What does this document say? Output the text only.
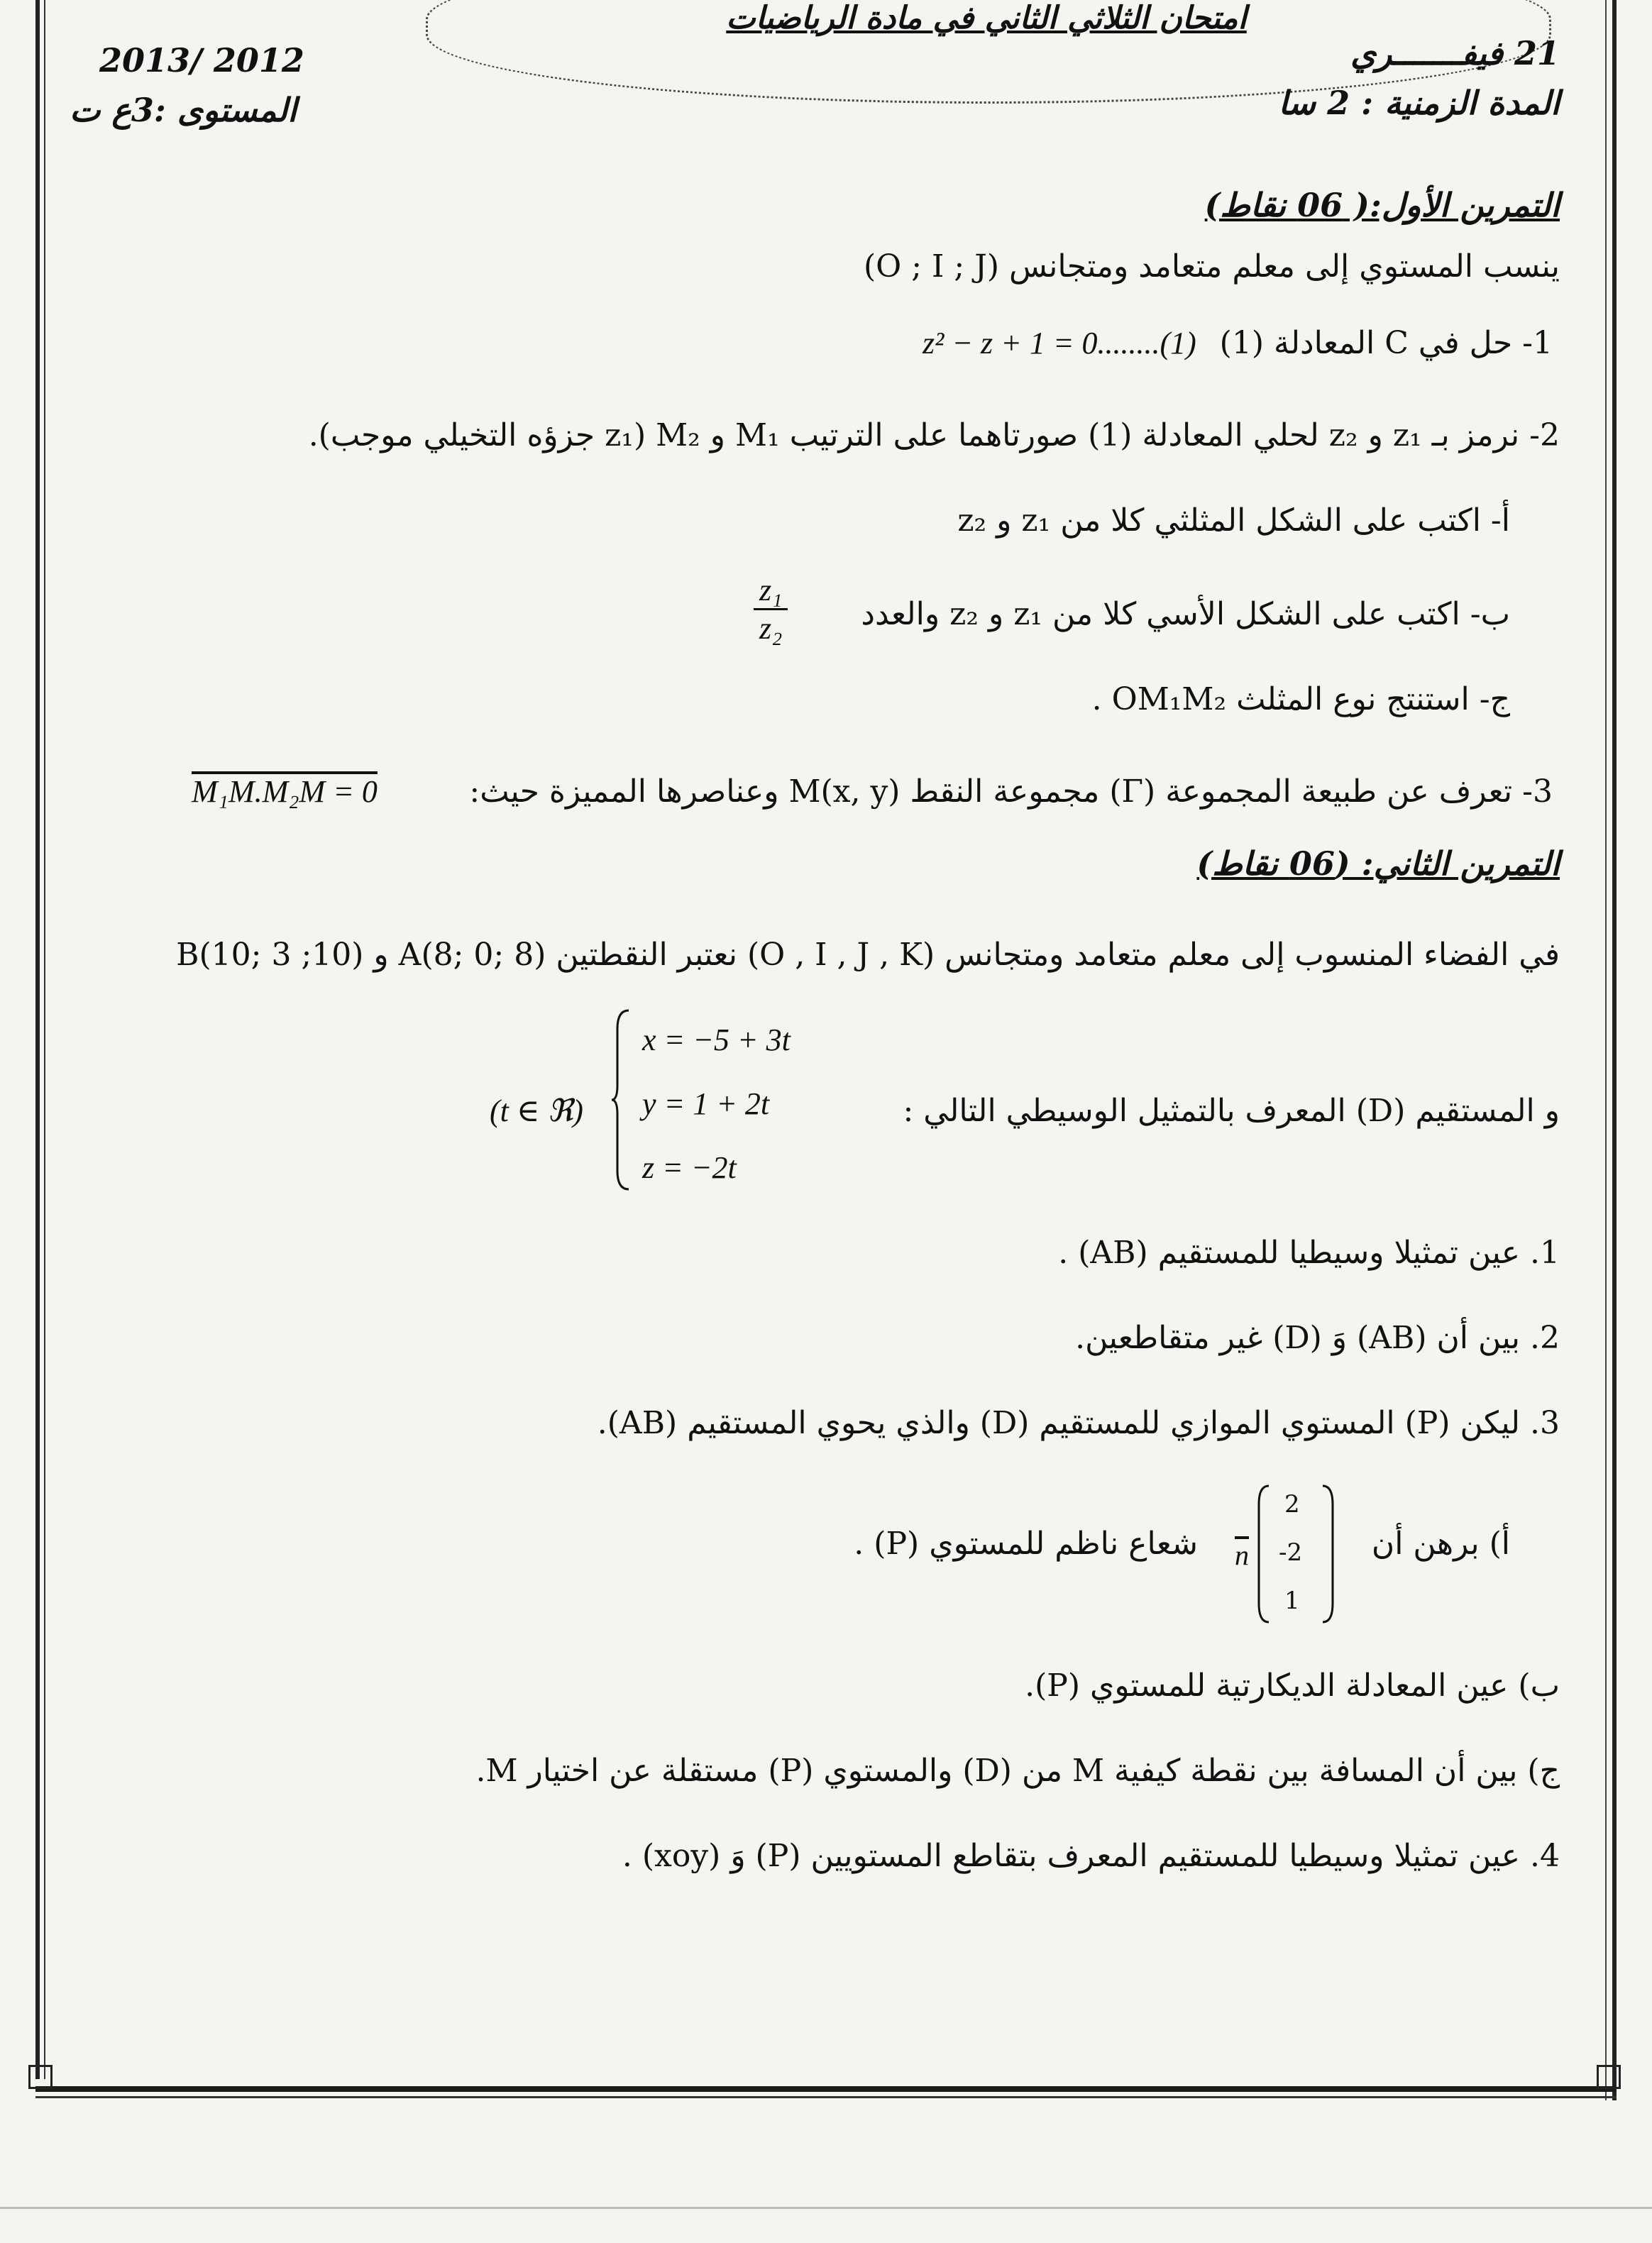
امتحان الثلاثي الثاني في مادة الرياضيات
2013/ 2012
المستوى :3ع ت
21 فيفـــــــري
المدة الزمنية : 2 سا
التمرين الأول:( 06 نقاط)
ينسب المستوي إلى معلم متعامد ومتجانس (O ; I ; J)
1- حل في C المعادلة (1)
z² − z + 1 = 0........(1)
2- نرمز بـ z₁ و z₂ لحلي المعادلة (1) صورتاهما على الترتيب M₁ و M₂ (z₁ جزؤه التخيلي موجب).
أ- اكتب على الشكل المثلثي كلا من z₁ و z₂
ب- اكتب على الشكل الأسي كلا من z₁ و z₂ والعدد
$\frac{\text{z₁}}{\text{z₂}}$
ج- استنتج نوع المثلث OM₁M₂ .
3- تعرف عن طبيعة المجموعة (Γ) مجموعة النقط M(x, y) وعناصرها المميزة حيث:
M₁M.M₂M = 0
التمرين الثاني: (06 نقاط)
في الفضاء المنسوب إلى معلم متعامد ومتجانس (O , I , J , K) نعتبر النقطتين A(8; 0; 8) و B(10; 3 ;10)
و المستقيم (D) المعرف بالتمثيل الوسيطي التالي :
(t ∈ ℜ)
x = −5 + 3t
y = 1 + 2t
z = −2t
1. عين تمثيلا وسيطيا للمستقيم (AB) .
2. بين أن (AB) وَ (D) غير متقاطعين.
3. ليكن (P) المستوي الموازي للمستقيم (D) والذي يحوي المستقيم (AB).
أ) برهن أن
$\overline{n}$
2
-2
1
شعاع ناظم للمستوي (P) .
ب) عين المعادلة الديكارتية للمستوي (P).
ج) بين أن المسافة بين نقطة كيفية M من (D) والمستوي (P) مستقلة عن اختيار M.
4. عين تمثيلا وسيطيا للمستقيم المعرف بتقاطع المستويين (P) وَ (xoy) .
